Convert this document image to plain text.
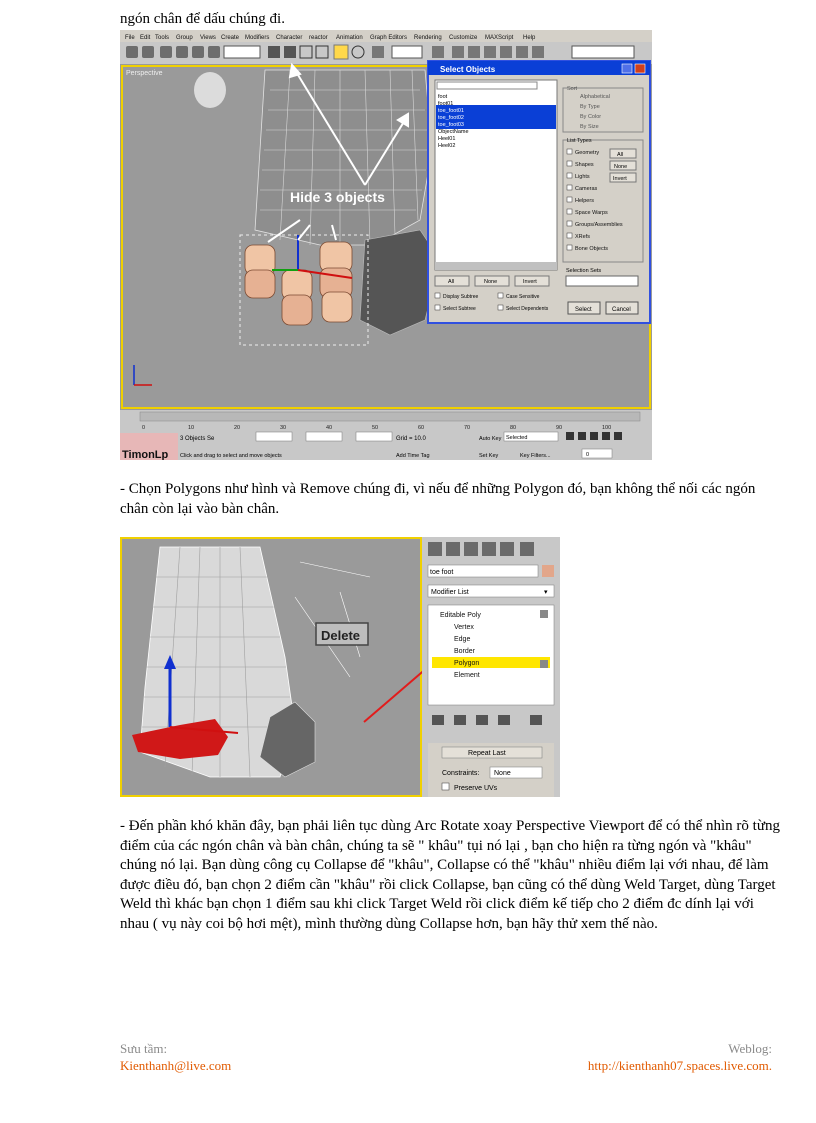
ngón chân để dấu chúng đi.

File Edit Tools Group Views Create Modifiers Character reactor Animation Graph Editors Rendering Customize MAXScript Help
Perspective
Hide 3 objects
Select Objects
foot
foot01
toe_foot01
toe_foot02
toe_foot03
ObjectName
Heel01
Heel02
Sort
Alphabetical
By Type
By Color
By Size
List Types
Geometry
Shapes
Lights
Cameras
Helpers
Space Warps
Groups/Assemblies
XRefs
Bone Objects
All
None
Invert
Selection Sets
All	None	Invert
Display Subtree	Case Sensitive
Select Subtree	Select Dependents	Select	Cancel
0	10	20	30	40	50	60	70	80	90	100
3 Objects Se	Grid = 10.0	Auto Key Selected
TimonLp Click and drag to select and move objects	Add Time Tag	Set Key	Key Filters...	0

- Chọn Polygons như hình và Remove chúng đi, vì nếu để những Polygon đó, bạn không thể nối các ngón chân còn lại vào bàn chân.

Delete
toe foot
Modifier List	▾
Editable Poly
Vertex
Edge
Border
Polygon
Element
Repeat Last
Constraints: None
Preserve UVs

- Đến phần khó khăn đây, bạn phải liên tục dùng Arc Rotate xoay Perspective Viewport để có thể nhìn rõ từng điểm của các ngón chân và bàn chân, chúng ta sẽ " khâu" tụi nó lại , bạn cho hiện ra từng ngón và "khâu" chúng nó lại. Bạn dùng công cụ Collapse để "khâu", Collapse có thể "khâu" nhiều điểm lại với nhau, để làm được điều đó, bạn chọn 2 điểm cần "khâu" rồi click Collapse, bạn cũng có thể dùng Weld Target, dùng Target Weld thì khác bạn chọn 1 điểm sau khi click Target Weld rồi click điểm kế tiếp cho 2 điểm đc dính lại với nhau ( vụ này coi bộ hơi mệt), mình thường dùng Collapse hơn, bạn hãy thử xem thế nào.

Sưu tầm:
Kienthanh@live.com
Weblog:
http://kienthanh07.spaces.live.com.
